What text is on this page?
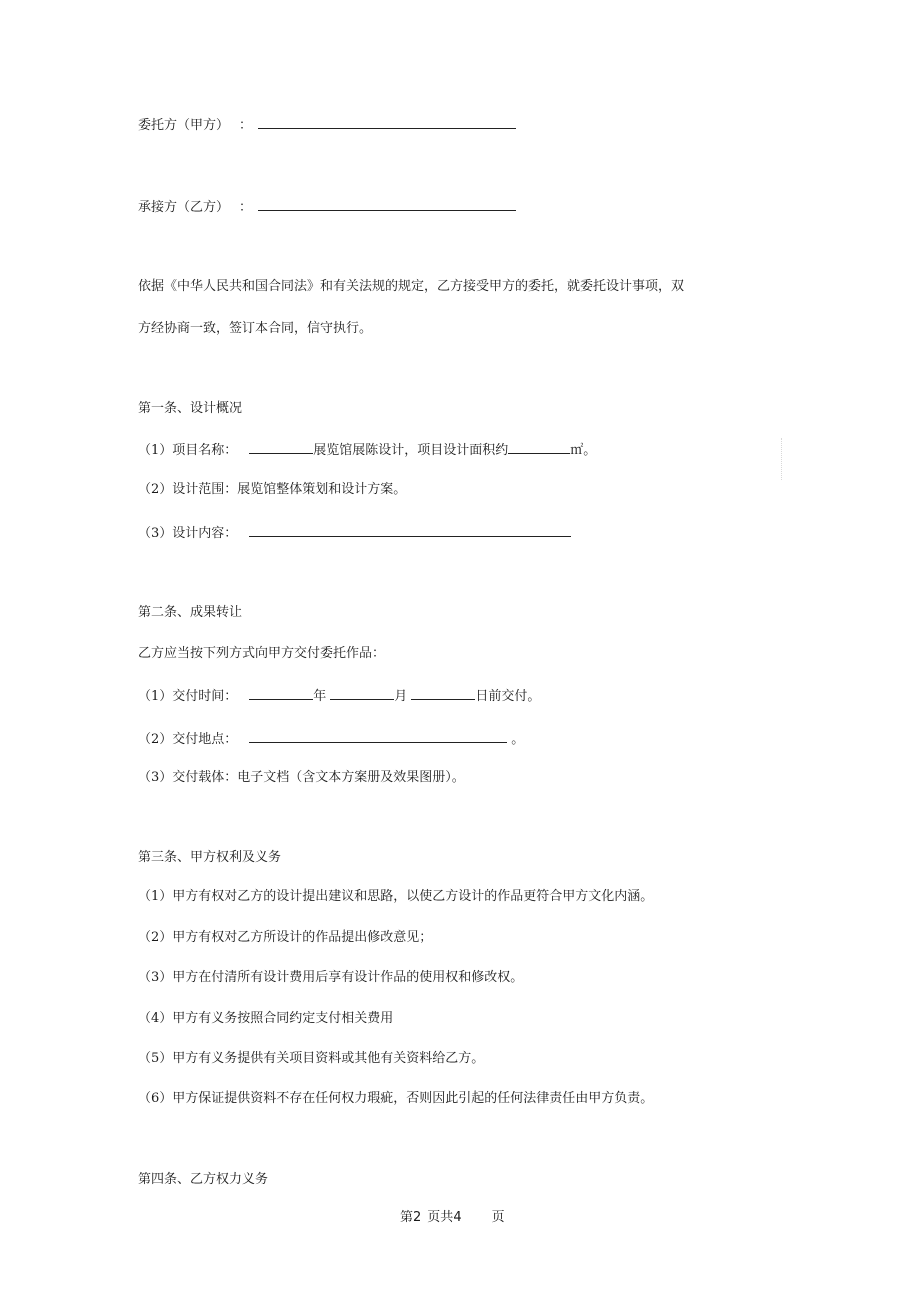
委托方（甲方） ：
承接方（乙方） ：
依据《中华人民共和国合同法》和有关法规的规定，乙方接受甲方的委托，就委托设计事项，双
方经协商一致，签订本合同，信守执行。
第一条、设计概况
（1）项目名称：	展览馆展陈设计，项目设计面积约	㎡。
（2）设计范围：展览馆整体策划和设计方案。
（3）设计内容：
第二条、成果转让
乙方应当按下列方式向甲方交付委托作品：
（1）交付时间：	年	月	日前交付。
（2）交付地点：	。
（3）交付载体：电子文档（含文本方案册及效果图册）。
第三条、甲方权利及义务
（1）甲方有权对乙方的设计提出建议和思路，以使乙方设计的作品更符合甲方文化内涵。
（2）甲方有权对乙方所设计的作品提出修改意见；
（3）甲方在付清所有设计费用后享有设计作品的使用权和修改权。
（4）甲方有义务按照合同约定支付相关费用
（5）甲方有义务提供有关项目资料或其他有关资料给乙方。
（6）甲方保证提供资料不存在任何权力瑕疵，否则因此引起的任何法律责任由甲方负责。
第四条、乙方权力义务
第2 页共4 页
